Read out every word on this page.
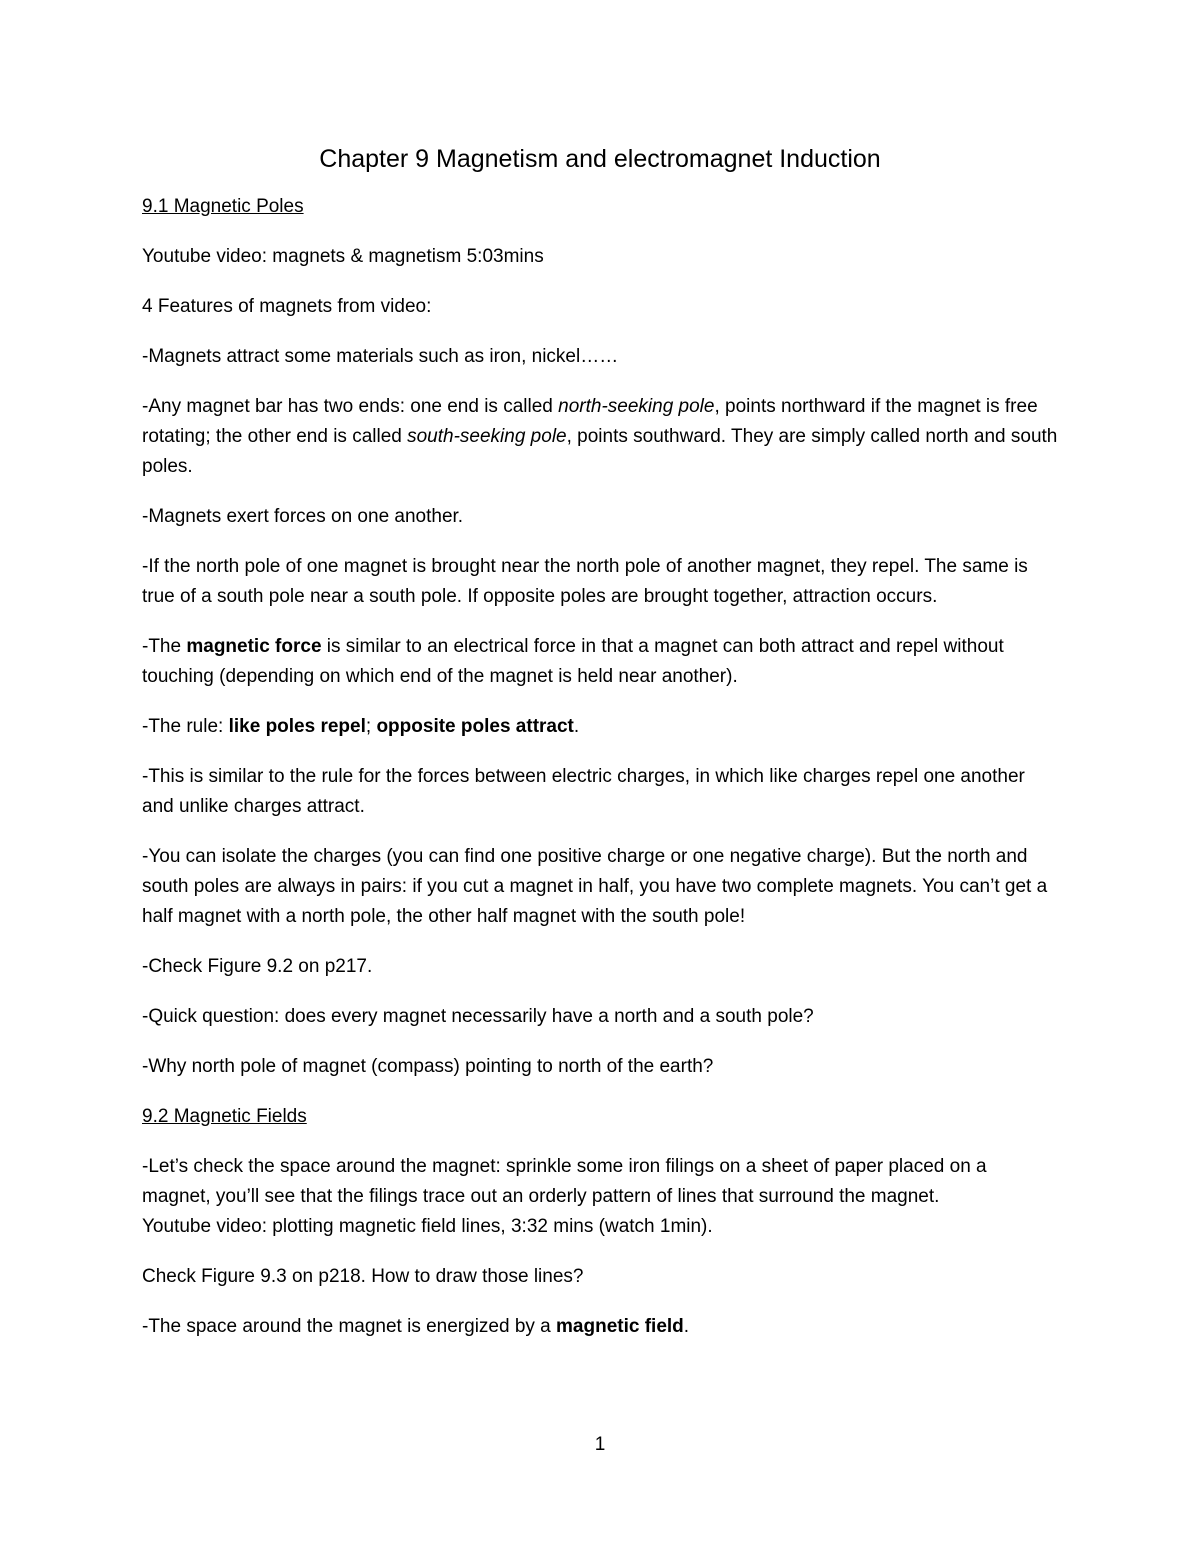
Chapter 9 Magnetism and electromagnet Induction

9.1 Magnetic Poles

Youtube video: magnets & magnetism 5:03mins

4 Features of magnets from video:

-Magnets attract some materials such as iron, nickel……

-Any magnet bar has two ends: one end is called north-seeking pole, points northward if the magnet is free rotating; the other end is called south-seeking pole, points southward. They are simply called north and south poles.

-Magnets exert forces on one another.

-If the north pole of one magnet is brought near the north pole of another magnet, they repel. The same is true of a south pole near a south pole. If opposite poles are brought together, attraction occurs.

-The magnetic force is similar to an electrical force in that a magnet can both attract and repel without touching (depending on which end of the magnet is held near another).

-The rule: like poles repel; opposite poles attract.

-This is similar to the rule for the forces between electric charges, in which like charges repel one another and unlike charges attract.

-You can isolate the charges (you can find one positive charge or one negative charge). But the north and south poles are always in pairs: if you cut a magnet in half, you have two complete magnets. You can’t get a half magnet with a north pole, the other half magnet with the south pole!

-Check Figure 9.2 on p217.

-Quick question: does every magnet necessarily have a north and a south pole?

-Why north pole of magnet (compass) pointing to north of the earth?

9.2 Magnetic Fields

-Let’s check the space around the magnet: sprinkle some iron filings on a sheet of paper placed on a magnet, you’ll see that the filings trace out an orderly pattern of lines that surround the magnet.

Youtube video: plotting magnetic field lines, 3:32 mins (watch 1min).

Check Figure 9.3 on p218. How to draw those lines?

-The space around the magnet is energized by a magnetic field.

1
